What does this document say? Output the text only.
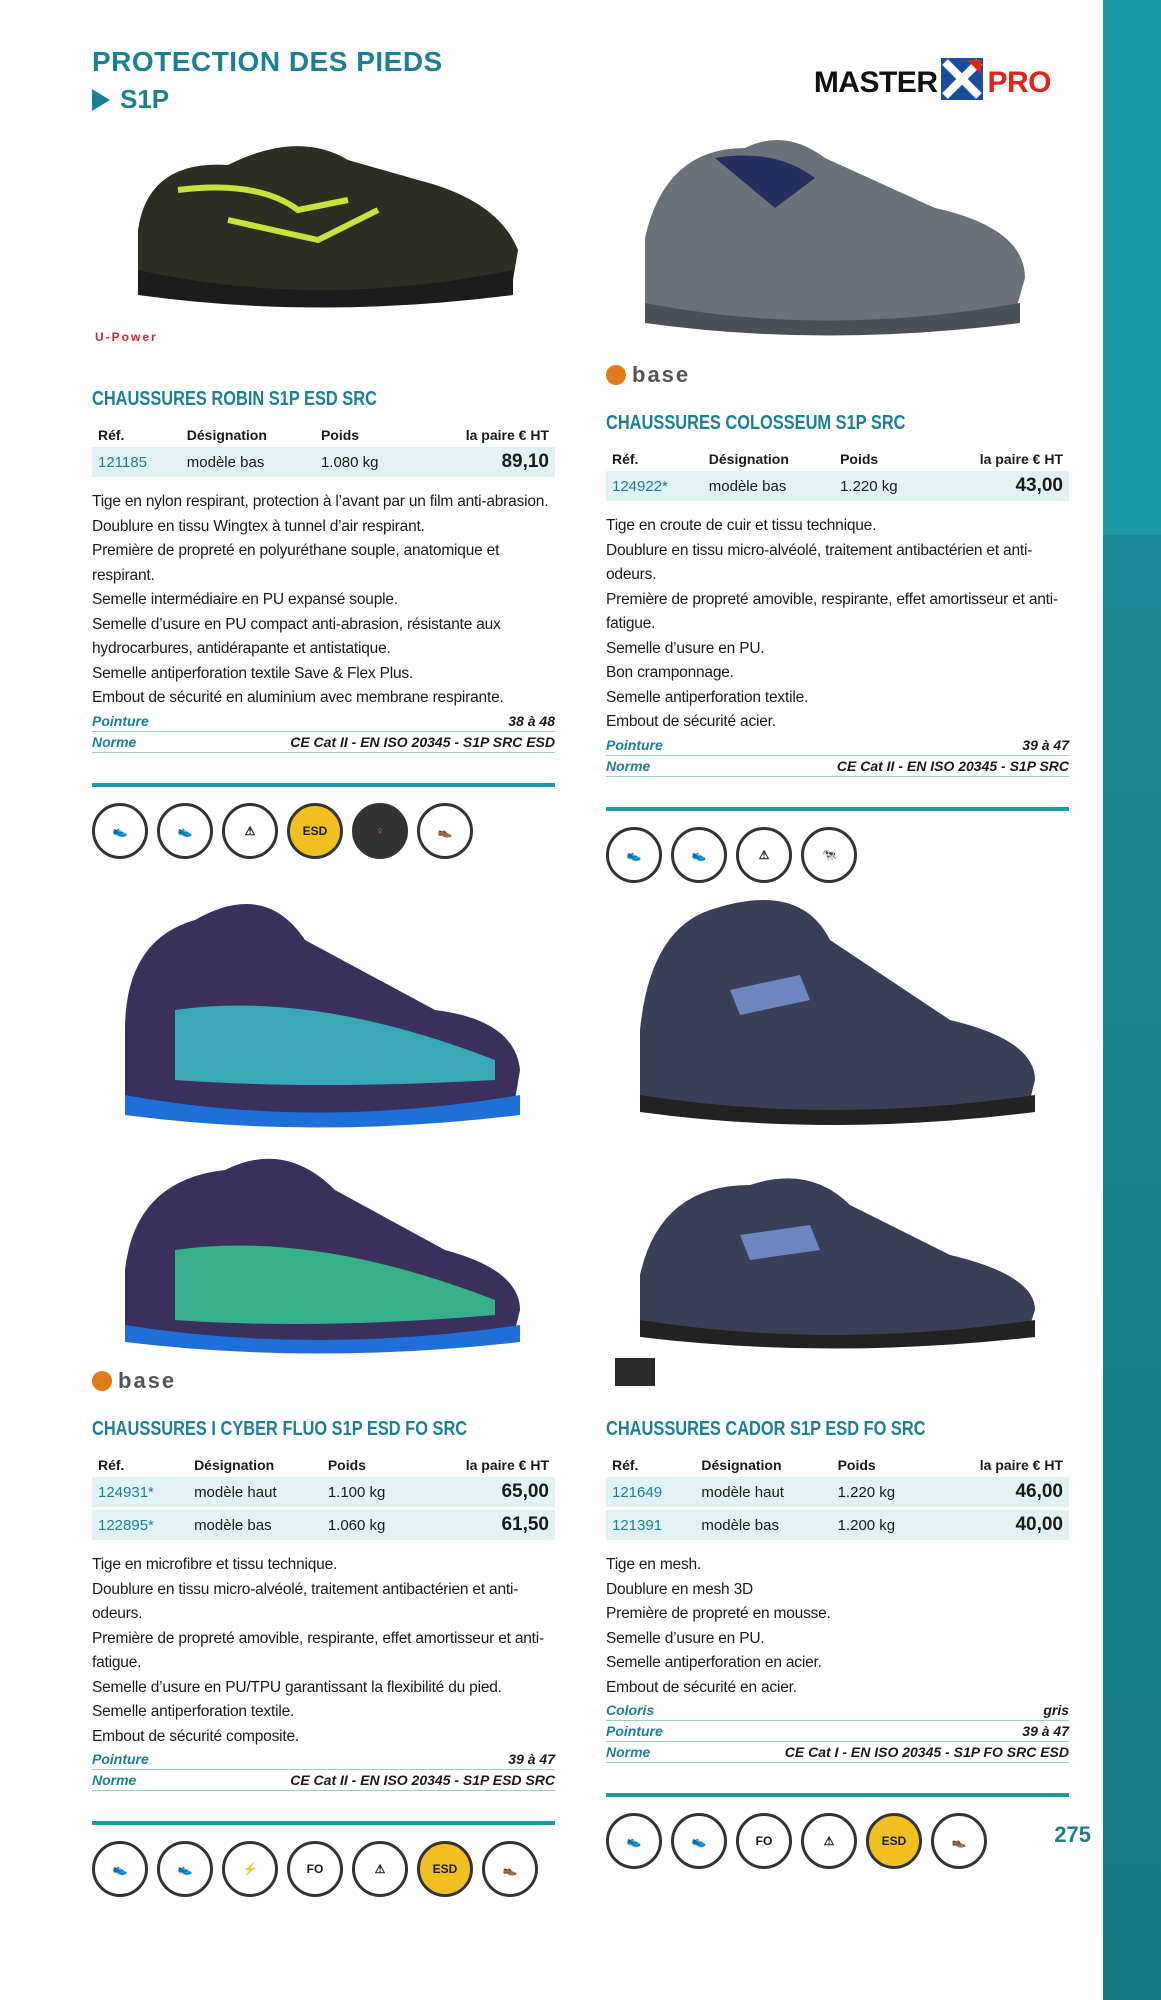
PROTECTION DES PIEDS
S1P	MASTER PRO
U-Power
base
base
CHAUSSURES ROBIN S1P ESD SRC
Réf.	Désignation	Poids	la paire € HT
121185	modèle bas	1.080 kg	89,10
Tige en nylon respirant, protection à l’avant par un film anti-abrasion.
Doublure en tissu Wingtex à tunnel d’air respirant.
Première de propreté en polyuréthane souple, anatomique et respirant.
Semelle intermédiaire en PU expansé souple.
Semelle d’usure en PU compact anti-abrasion, résistante aux hydrocarbures, antidérapante et antistatique.
Semelle antiperforation textile Save & Flex Plus.
Embout de sécurité en aluminium avec membrane respirante.
Pointure	38 à 48
Norme	CE Cat II - EN ISO 20345 - S1P SRC ESD
👟	👟	⚠	ESD	♀	👞
CHAUSSURES COLOSSEUM S1P SRC
Réf.	Désignation	Poids	la paire € HT
124922*	modèle bas	1.220 kg	43,00
Tige en croute de cuir et tissu technique.
Doublure en tissu micro-alvéolé, traitement antibactérien et anti-odeurs.
Première de propreté amovible, respirante, effet amortisseur et anti-fatigue.
Semelle d’usure en PU.
Bon cramponnage.
Semelle antiperforation textile.
Embout de sécurité acier.
Pointure	39 à 47
Norme	CE Cat II - EN ISO 20345 - S1P SRC
👟	👟	⚠	🐄
CHAUSSURES I CYBER FLUO S1P ESD FO SRC
Réf.	Désignation	Poids	la paire € HT
124931*	modèle haut	1.100 kg	65,00
122895*	modèle bas	1.060 kg	61,50
Tige en microfibre et tissu technique.
Doublure en tissu micro-alvéolé, traitement antibactérien et anti-odeurs.
Première de propreté amovible, respirante, effet amortisseur et anti-fatigue.
Semelle d’usure en PU/TPU garantissant la flexibilité du pied.
Semelle antiperforation textile.
Embout de sécurité composite.
Pointure	39 à 47
Norme	CE Cat II - EN ISO 20345 - S1P ESD SRC
👟	👟	⚡	FO	⚠	ESD	👞
CHAUSSURES CADOR S1P ESD FO SRC
Réf.	Désignation	Poids	la paire € HT
121649	modèle haut	1.220 kg	46,00
121391	modèle bas	1.200 kg	40,00
Tige en mesh.
Doublure en mesh 3D
Première de propreté en mousse.
Semelle d’usure en PU.
Semelle antiperforation en acier.
Embout de sécurité en acier.
Coloris	gris
Pointure	39 à 47
Norme	CE Cat I - EN ISO 20345 - S1P FO SRC ESD
👟	👟	FO	⚠	ESD	👞	275
